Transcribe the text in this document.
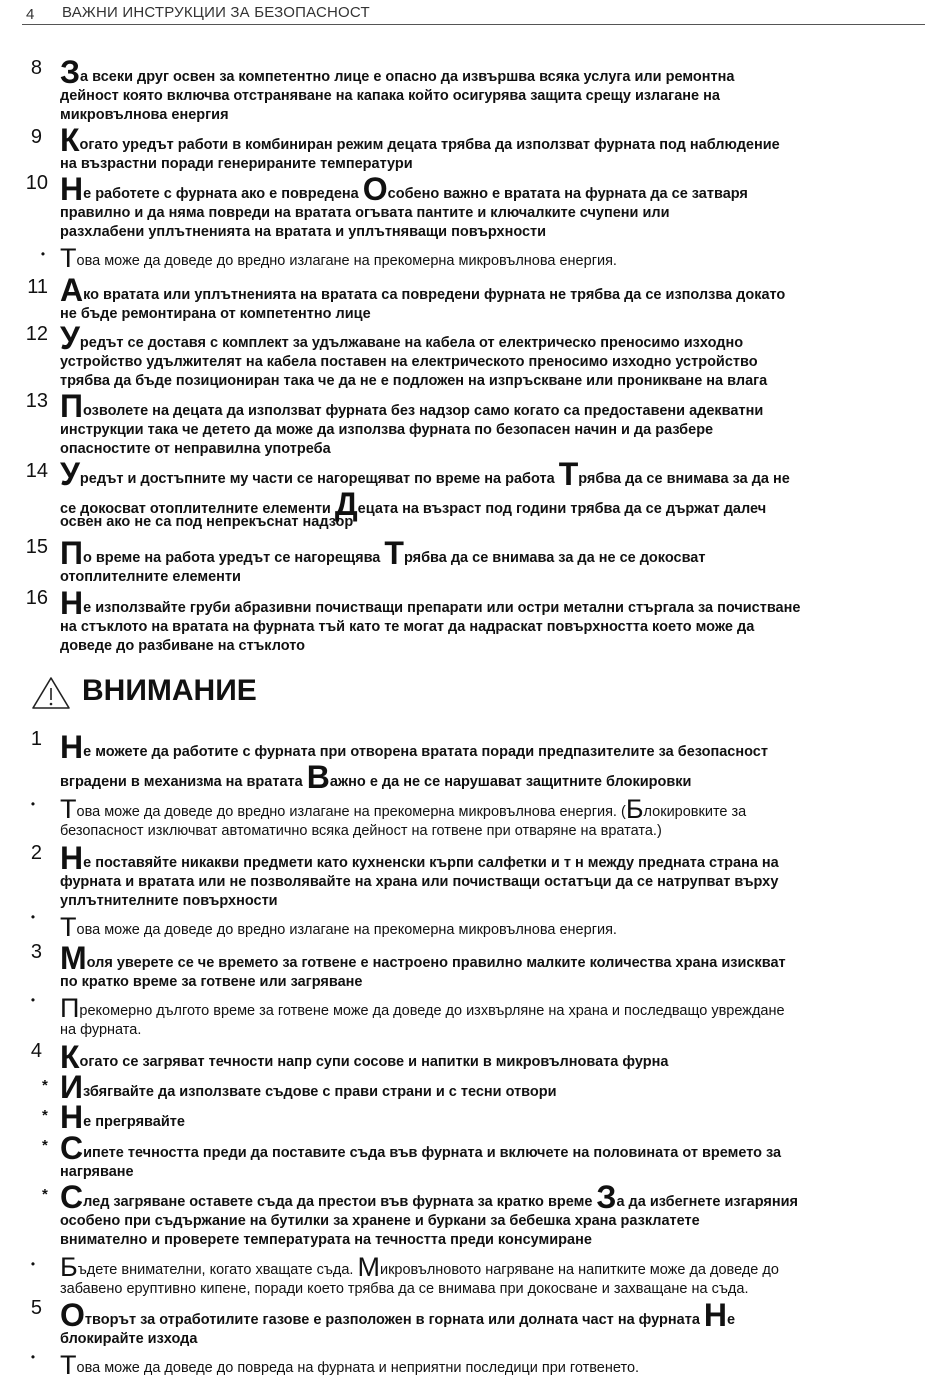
4 ВАЖНИ ИНСТРУКЦИИ ЗА БЕЗОПАСНОСТ
8 За всеки друг освен за компетентно лице е опасно да извършва всяка услуга или ремонтна
дейност която включва отстраняване на капака който осигурява защита срещу излагане на
микровълнова енергия
9 Когато уредът работи в комбиниран режим децата трябва да използват фурната под наблюдение
на възрастни поради генерираните температури
10 Не работете с фурната ако е повредена Особено важно е вратата на фурната да се затваря
правилно и да няма повреди на вратата огъвата пантите и ключалките счупени или
разхлабени уплътненията на вратата и уплътняващи повърхности
• Това може да доведе до вредно излагане на прекомерна микровълнова енергия.
11 Ако вратата или уплътненията на вратата са повредени фурната не трябва да се използва докато
не бъде ремонтирана от компетентно лице
12 Уредът се доставя с комплект за удължаване на кабела от електрическо преносимо изходно
устройство удължителят на кабела поставен на електрическото преносимо изходно устройство
трябва да бъде позициониран така че да не е подложен на изпръскване или проникване на влага
13 Позволете на децата да използват фурната без надзор само когато са предоставени адекватни
инструкции така че детето да може да използва фурната по безопасен начин и да разбере
опасностите от неправилна употреба
14 Уредът и достъпните му части се нагорещяват по време на работа Трябва да се внимава за да не
се докосват отоплителните елементи Децата на възраст под години трябва да се държат далеч
освен ако не са под непрекъснат надзор
15 По време на работа уредът се нагорещява Трябва да се внимава за да не се докосват
отоплителните елементи
16 Не използвайте груби абразивни почистващи препарати или остри метални стъргала за почистване
на стъклото на вратата на фурната тъй като те могат да надраскат повърхността което може да
доведе до разбиване на стъклото
ВНИМАНИЕ
1 Не можете да работите с фурната при отворена вратата поради предпазителите за безопасност
вградени в механизма на вратата Важно е да не се нарушават защитните блокировки
• Това може да доведе до вредно излагане на прекомерна микровълнова енергия. (Блокировките за
безопасност изключват автоматично всяка дейност на готвене при отваряне на вратата.)
2 Не поставяйте никакви предмети като кухненски кърпи салфетки и т н между предната страна на
фурната и вратата или не позволявайте на храна или почистващи остатъци да се натрупват върху
уплътнителните повърхности
• Това може да доведе до вредно излагане на прекомерна микровълнова енергия.
3 Моля уверете се че времето за готвене е настроено правилно малките количества храна изискват
по кратко време за готвене или загряване
• Прекомерно дългото време за готвене може да доведе до изхвърляне на храна и последващо увреждане
на фурната.
4 Когато се загряват течности напр супи сосове и напитки в микровълновата фурна
* Избягвайте да използвате съдове с прави страни и с тесни отвори
* Не прегрявайте
* Сипете течността преди да поставите съда във фурната и включете на половината от времето за
нагряване
* След загряване оставете съда да престои във фурната за кратко време За да избегнете изгаряния
особено при съдържание на бутилки за хранене и буркани за бебешка храна разклатете
внимателно и проверете температурата на течността преди консумиране
• Бъдете внимателни, когато хващате съда. Микровълновото нагряване на напитките може да доведе до
забавено еруптивно кипене, поради което трябва да се внимава при докосване и захващане на съда.
5 Отворът за отработилите газове е разположен в горната или долната част на фурната Не
блокирайте изхода
• Това може да доведе до повреда на фурната и неприятни последици при готвенето.
